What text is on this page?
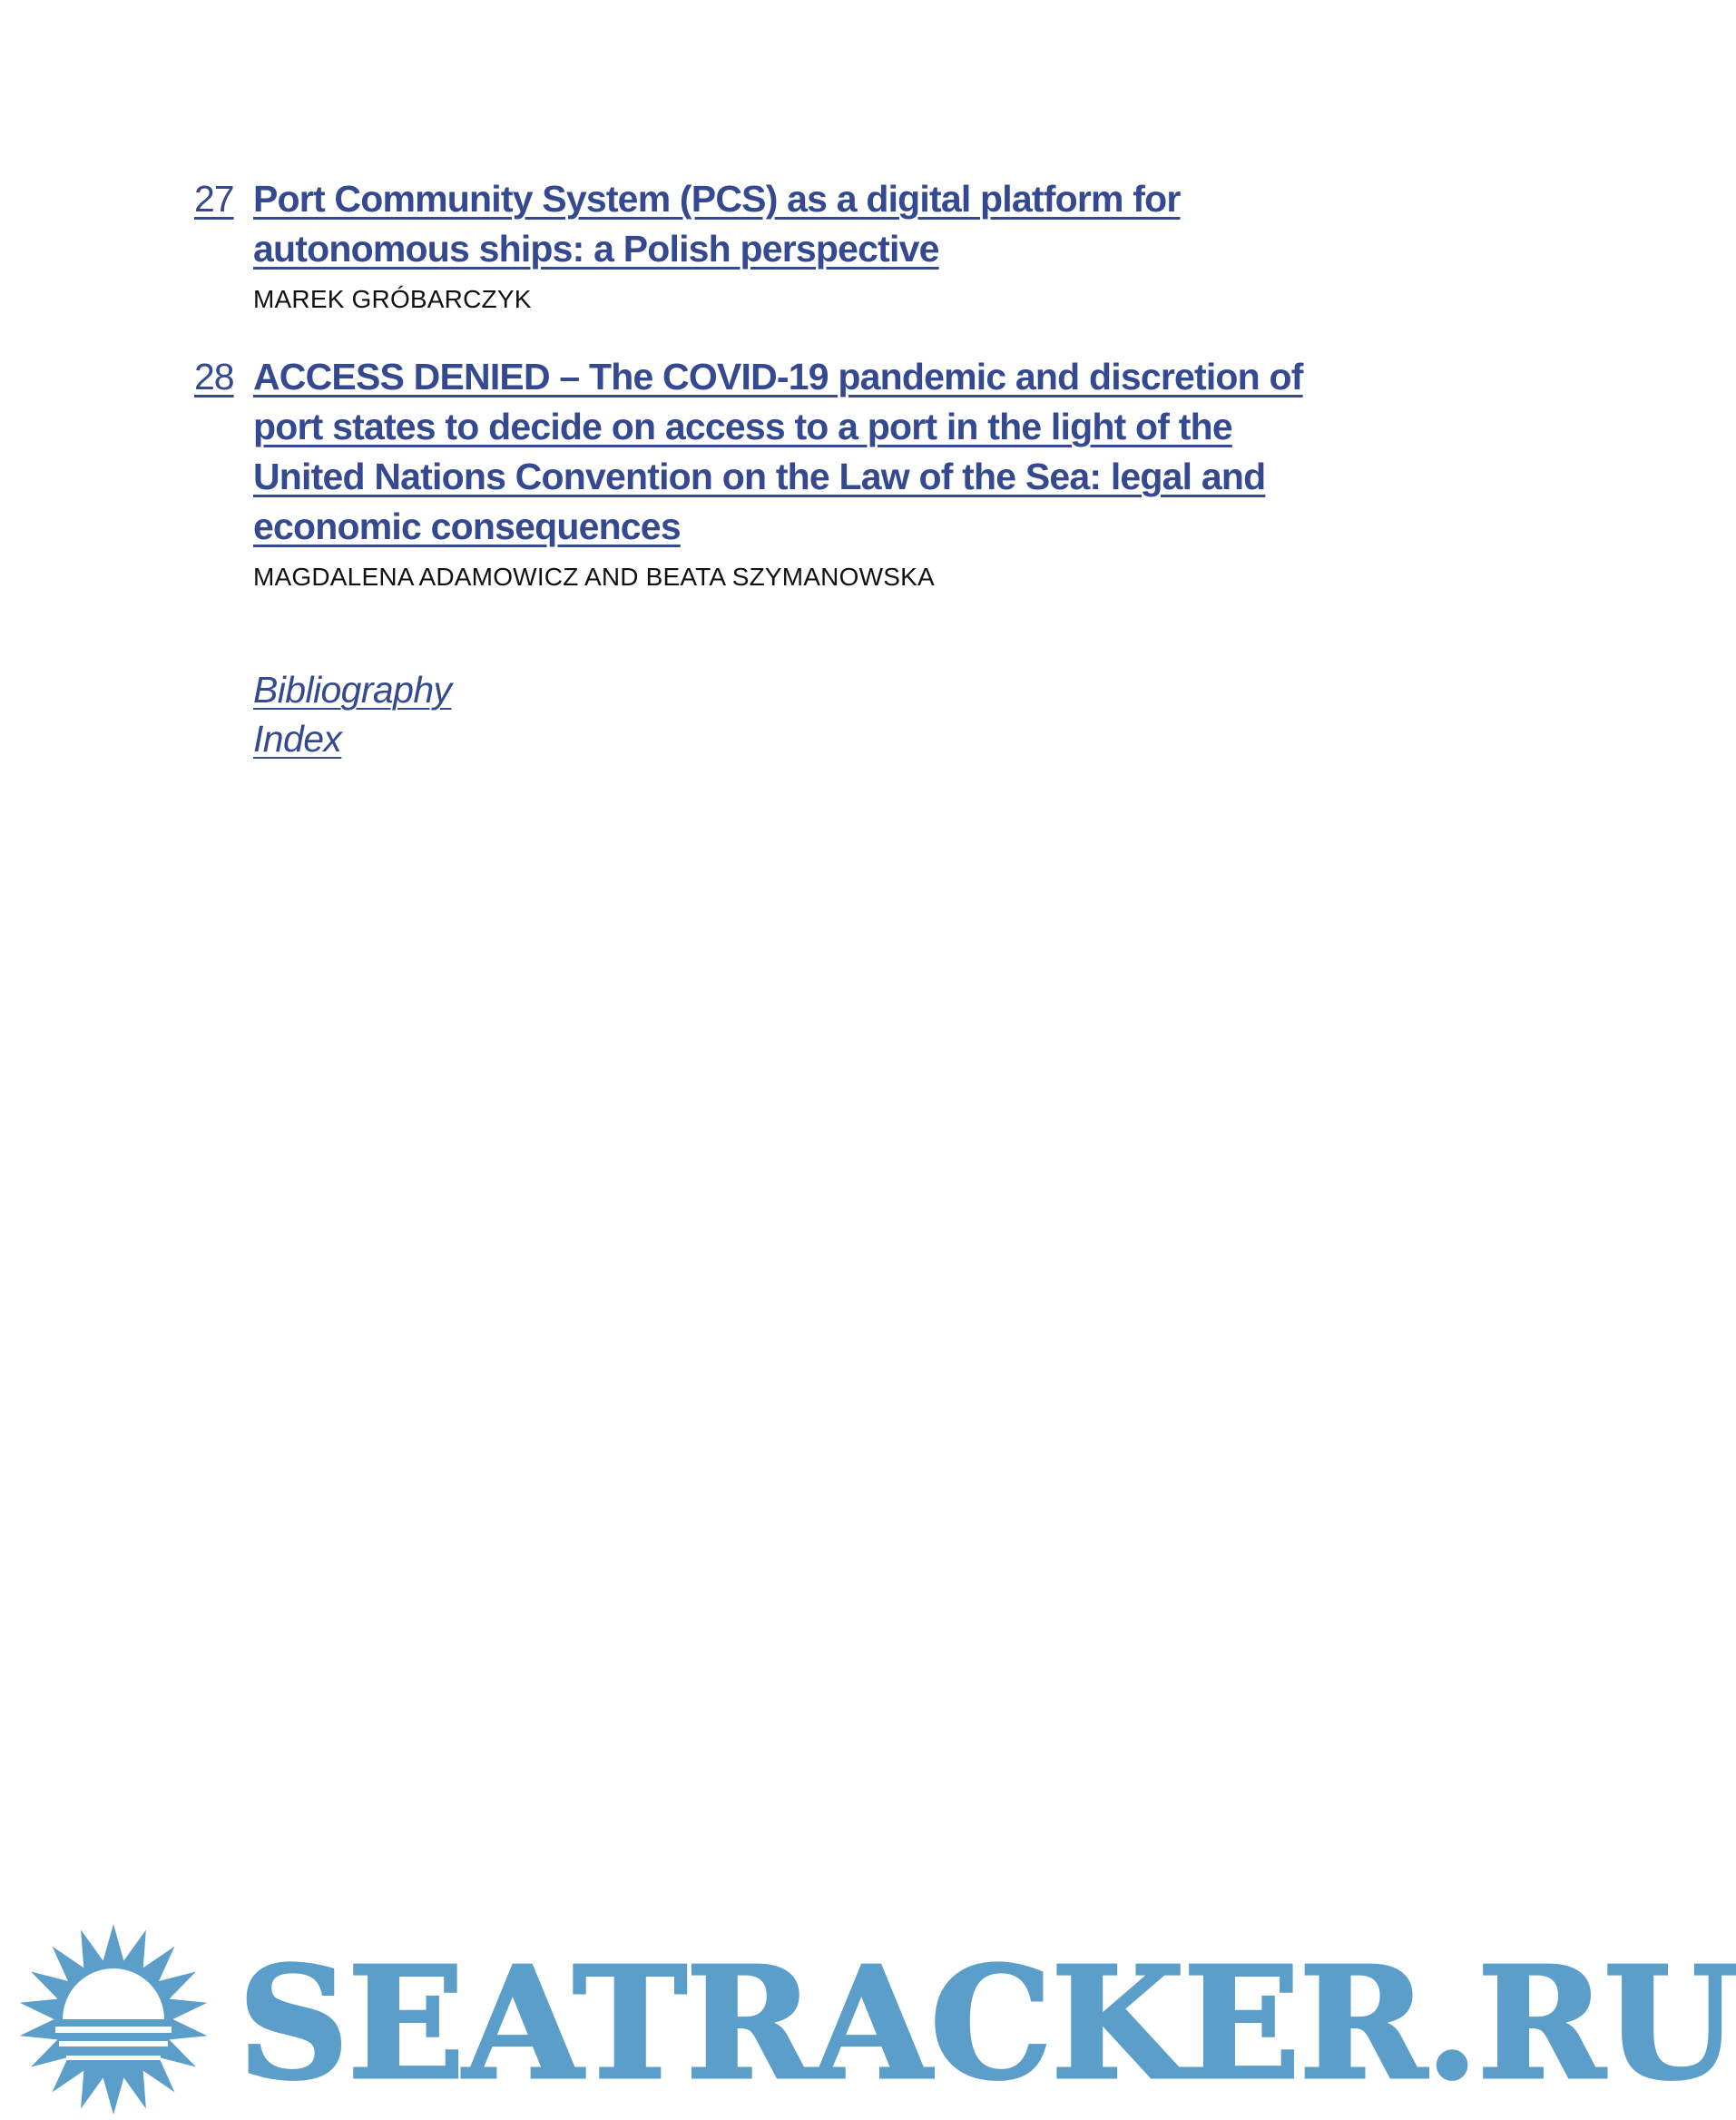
27 Port Community System (PCS) as a digital platform for autonomous ships: a Polish perspective
MAREK GRÓBARCZYK
28 ACCESS DENIED – The COVID-19 pandemic and discretion of port states to decide on access to a port in the light of the United Nations Convention on the Law of the Sea: legal and economic consequences
MAGDALENA ADAMOWICZ AND BEATA SZYMANOWSKA
Bibliography
Index
SEATRACKER.RU
